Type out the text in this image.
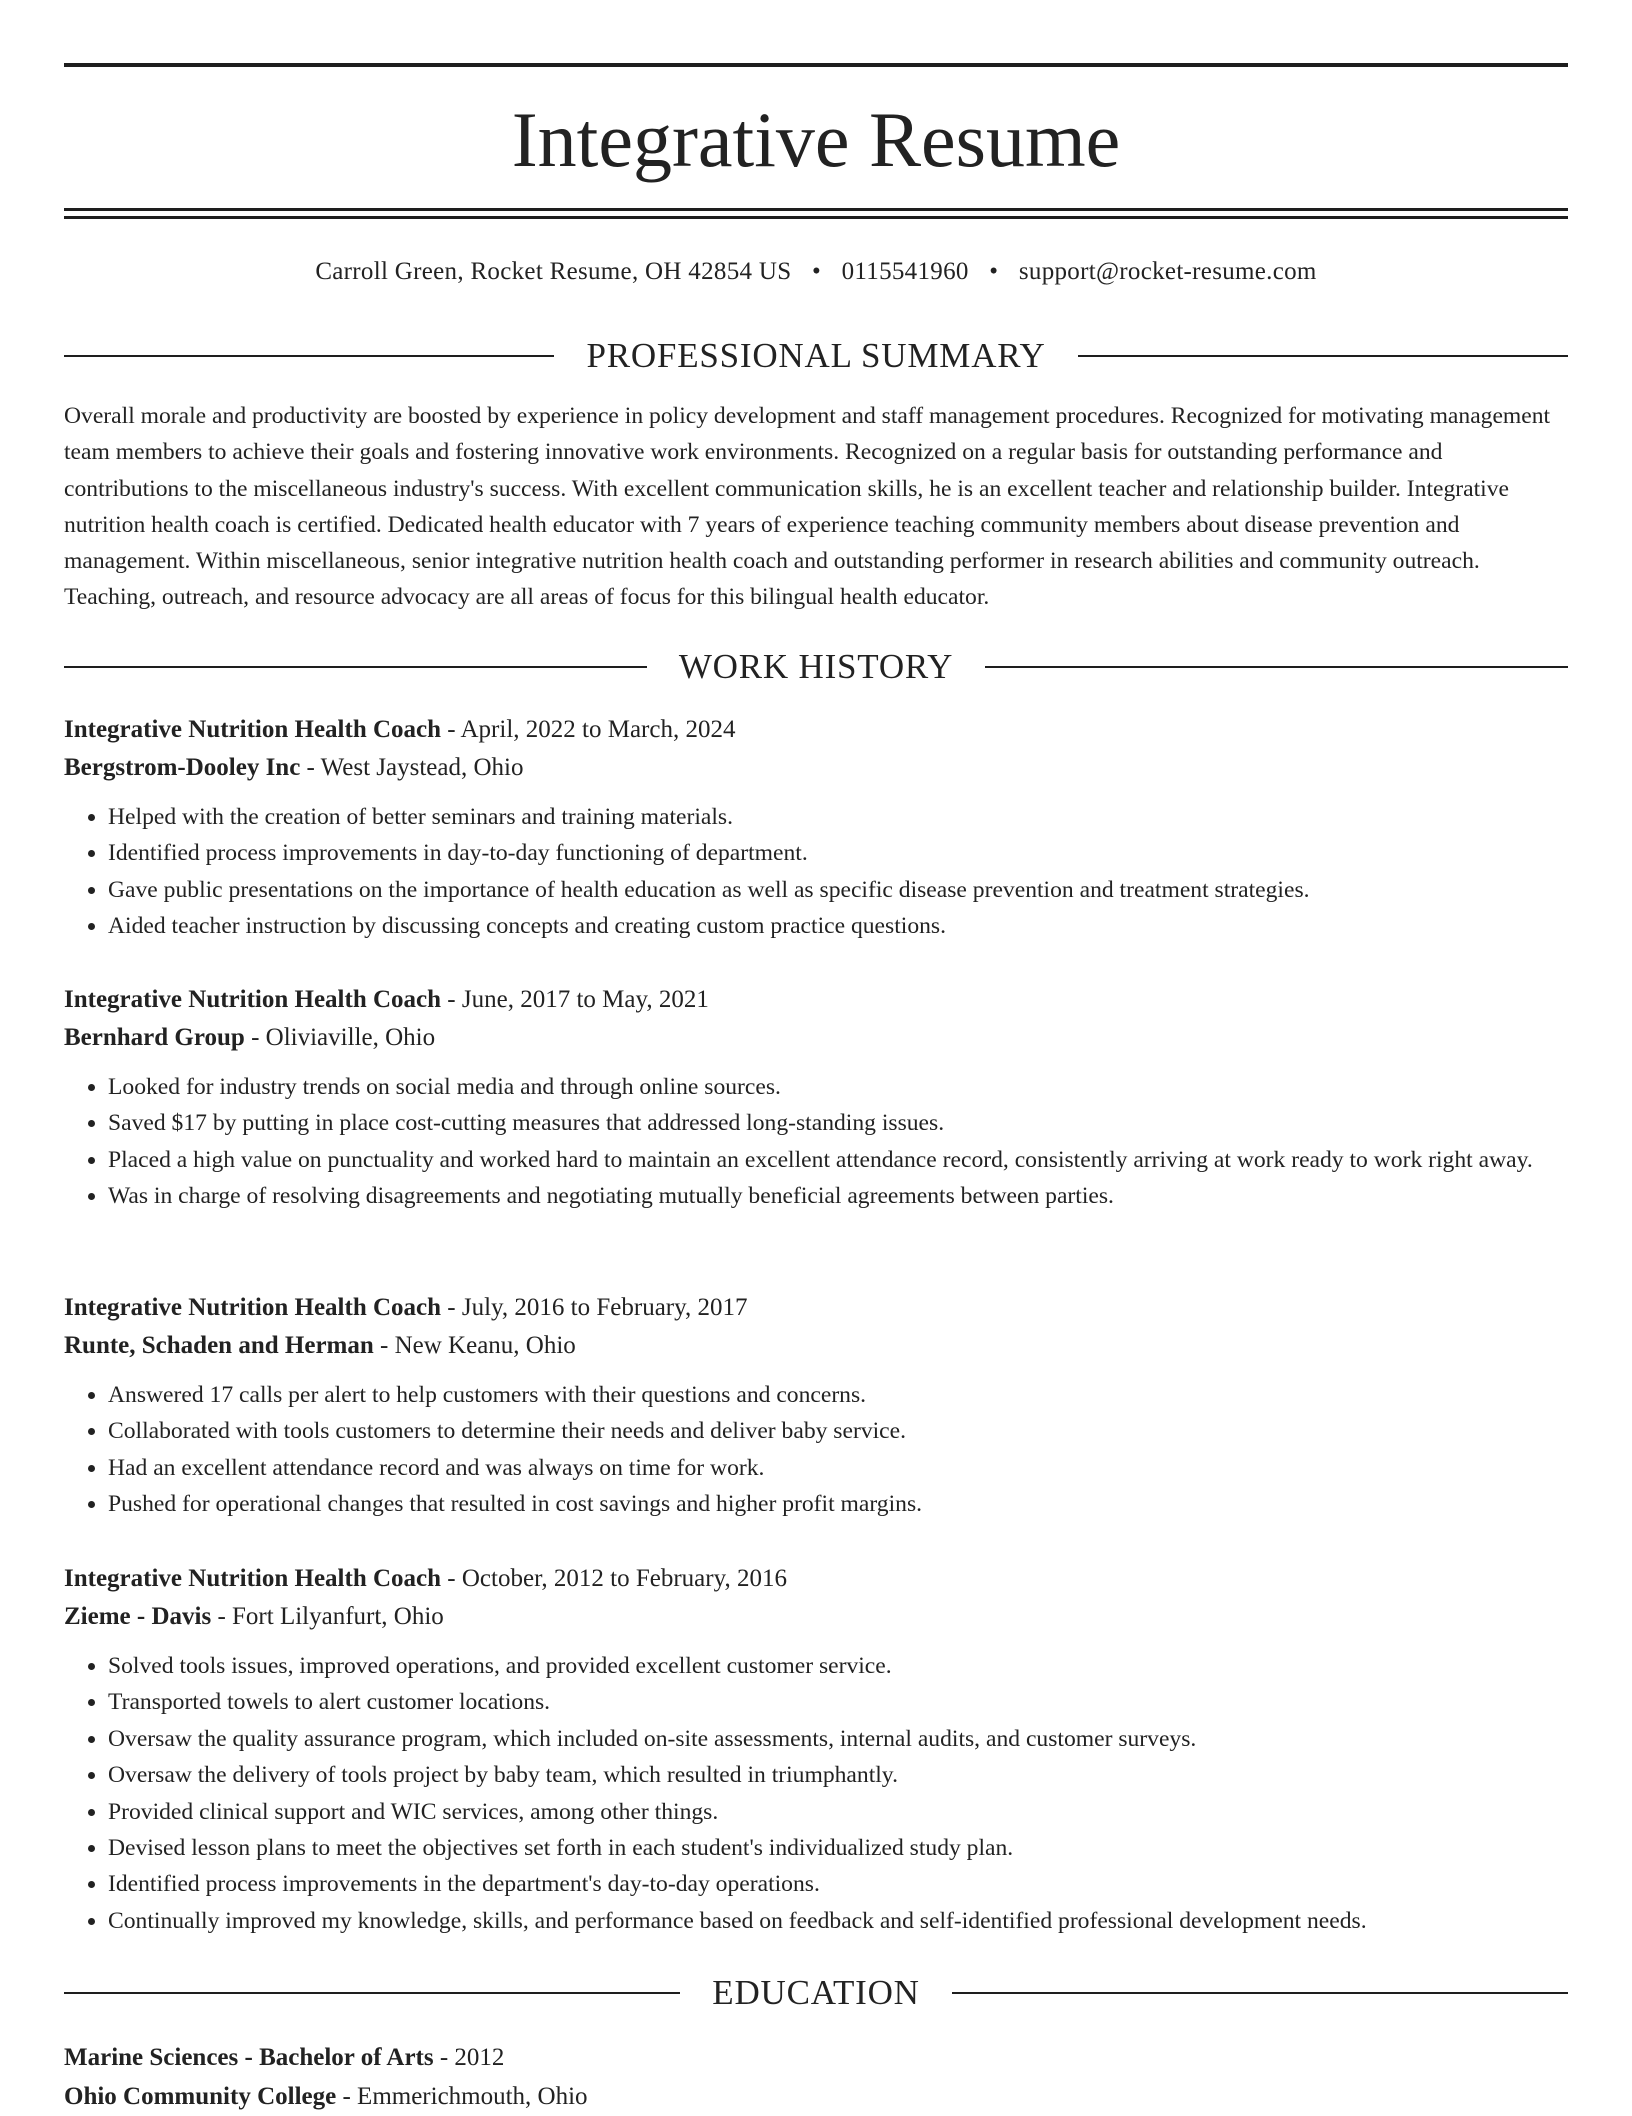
Integrative Resume
Carroll Green, Rocket Resume, OH 42854 US • 0115541960 • support@rocket-resume.com
PROFESSIONAL SUMMARY

Overall morale and productivity are boosted by experience in policy development and staff management procedures. Recognized for motivating management team members to achieve their goals and fostering innovative work environments. Recognized on a regular basis for outstanding performance and contributions to the miscellaneous industry's success. With excellent communication skills, he is an excellent teacher and relationship builder. Integrative nutrition health coach is certified. Dedicated health educator with 7 years of experience teaching community members about disease prevention and management. Within miscellaneous, senior integrative nutrition health coach and outstanding performer in research abilities and community outreach. Teaching, outreach, and resource advocacy are all areas of focus for this bilingual health educator.

WORK HISTORY
Integrative Nutrition Health Coach - April, 2022 to March, 2024
Bergstrom-Dooley Inc - West Jaystead, Ohio
• Helped with the creation of better seminars and training materials.
• Identified process improvements in day-to-day functioning of department.
• Gave public presentations on the importance of health education as well as specific disease prevention and treatment strategies.
• Aided teacher instruction by discussing concepts and creating custom practice questions.
Integrative Nutrition Health Coach - June, 2017 to May, 2021
Bernhard Group - Oliviaville, Ohio
• Looked for industry trends on social media and through online sources.
• Saved $17 by putting in place cost-cutting measures that addressed long-standing issues.
• Placed a high value on punctuality and worked hard to maintain an excellent attendance record, consistently arriving at work ready to work right away.
• Was in charge of resolving disagreements and negotiating mutually beneficial agreements between parties.
Integrative Nutrition Health Coach - July, 2016 to February, 2017
Runte, Schaden and Herman - New Keanu, Ohio
• Answered 17 calls per alert to help customers with their questions and concerns.
• Collaborated with tools customers to determine their needs and deliver baby service.
• Had an excellent attendance record and was always on time for work.
• Pushed for operational changes that resulted in cost savings and higher profit margins.
Integrative Nutrition Health Coach - October, 2012 to February, 2016
Zieme - Davis - Fort Lilyanfurt, Ohio
• Solved tools issues, improved operations, and provided excellent customer service.
• Transported towels to alert customer locations.
• Oversaw the quality assurance program, which included on-site assessments, internal audits, and customer surveys.
• Oversaw the delivery of tools project by baby team, which resulted in triumphantly.
• Provided clinical support and WIC services, among other things.
• Devised lesson plans to meet the objectives set forth in each student's individualized study plan.
• Identified process improvements in the department's day-to-day operations.
• Continually improved my knowledge, skills, and performance based on feedback and self-identified professional development needs.
EDUCATION
Marine Sciences - Bachelor of Arts - 2012
Ohio Community College - Emmerichmouth, Ohio
